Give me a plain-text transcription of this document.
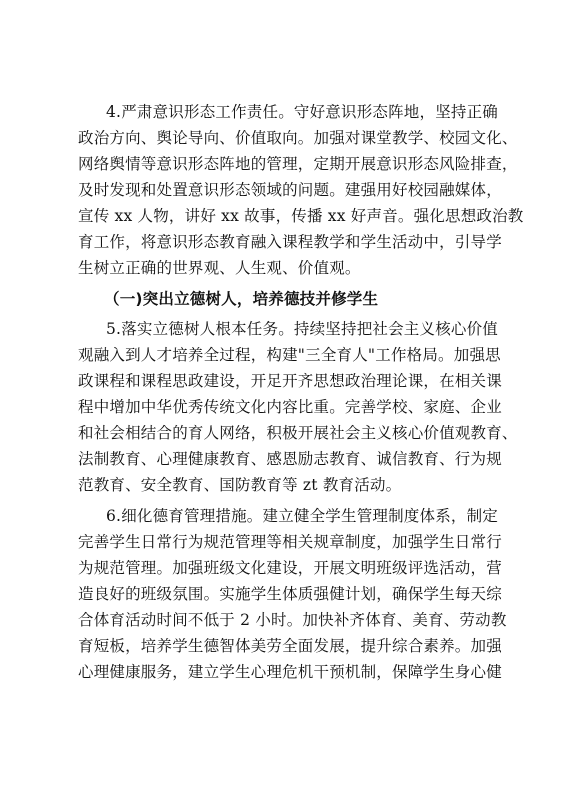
4.严肃意识形态工作责任。守好意识形态阵地，坚持正确
政治方向、舆论导向、价值取向。加强对课堂教学、校园文化、
网络舆情等意识形态阵地的管理，定期开展意识形态风险排查，
及时发现和处置意识形态领域的问题。建强用好校园融媒体，
宣传 xx 人物，讲好 xx 故事，传播 xx 好声音。强化思想政治教
育工作，将意识形态教育融入课程教学和学生活动中，引导学
生树立正确的世界观、人生观、价值观。
（一)突出立德树人，培养德技并修学生
5.落实立德树人根本任务。持续坚持把社会主义核心价值
观融入到人才培养全过程，构建"三全育人"工作格局。加强思
政课程和课程思政建设，开足开齐思想政治理论课，在相关课
程中增加中华优秀传统文化内容比重。完善学校、家庭、企业
和社会相结合的育人网络，积极开展社会主义核心价值观教育、
法制教育、心理健康教育、感恩励志教育、诚信教育、行为规
范教育、安全教育、国防教育等 zt 教育活动。
6.细化德育管理措施。建立健全学生管理制度体系，制定
完善学生日常行为规范管理等相关规章制度，加强学生日常行
为规范管理。加强班级文化建设，开展文明班级评选活动，营
造良好的班级氛围。实施学生体质强健计划，确保学生每天综
合体育活动时间不低于 2 小时。加快补齐体育、美育、劳动教
育短板，培养学生德智体美劳全面发展，提升综合素养。加强
心理健康服务，建立学生心理危机干预机制，保障学生身心健
